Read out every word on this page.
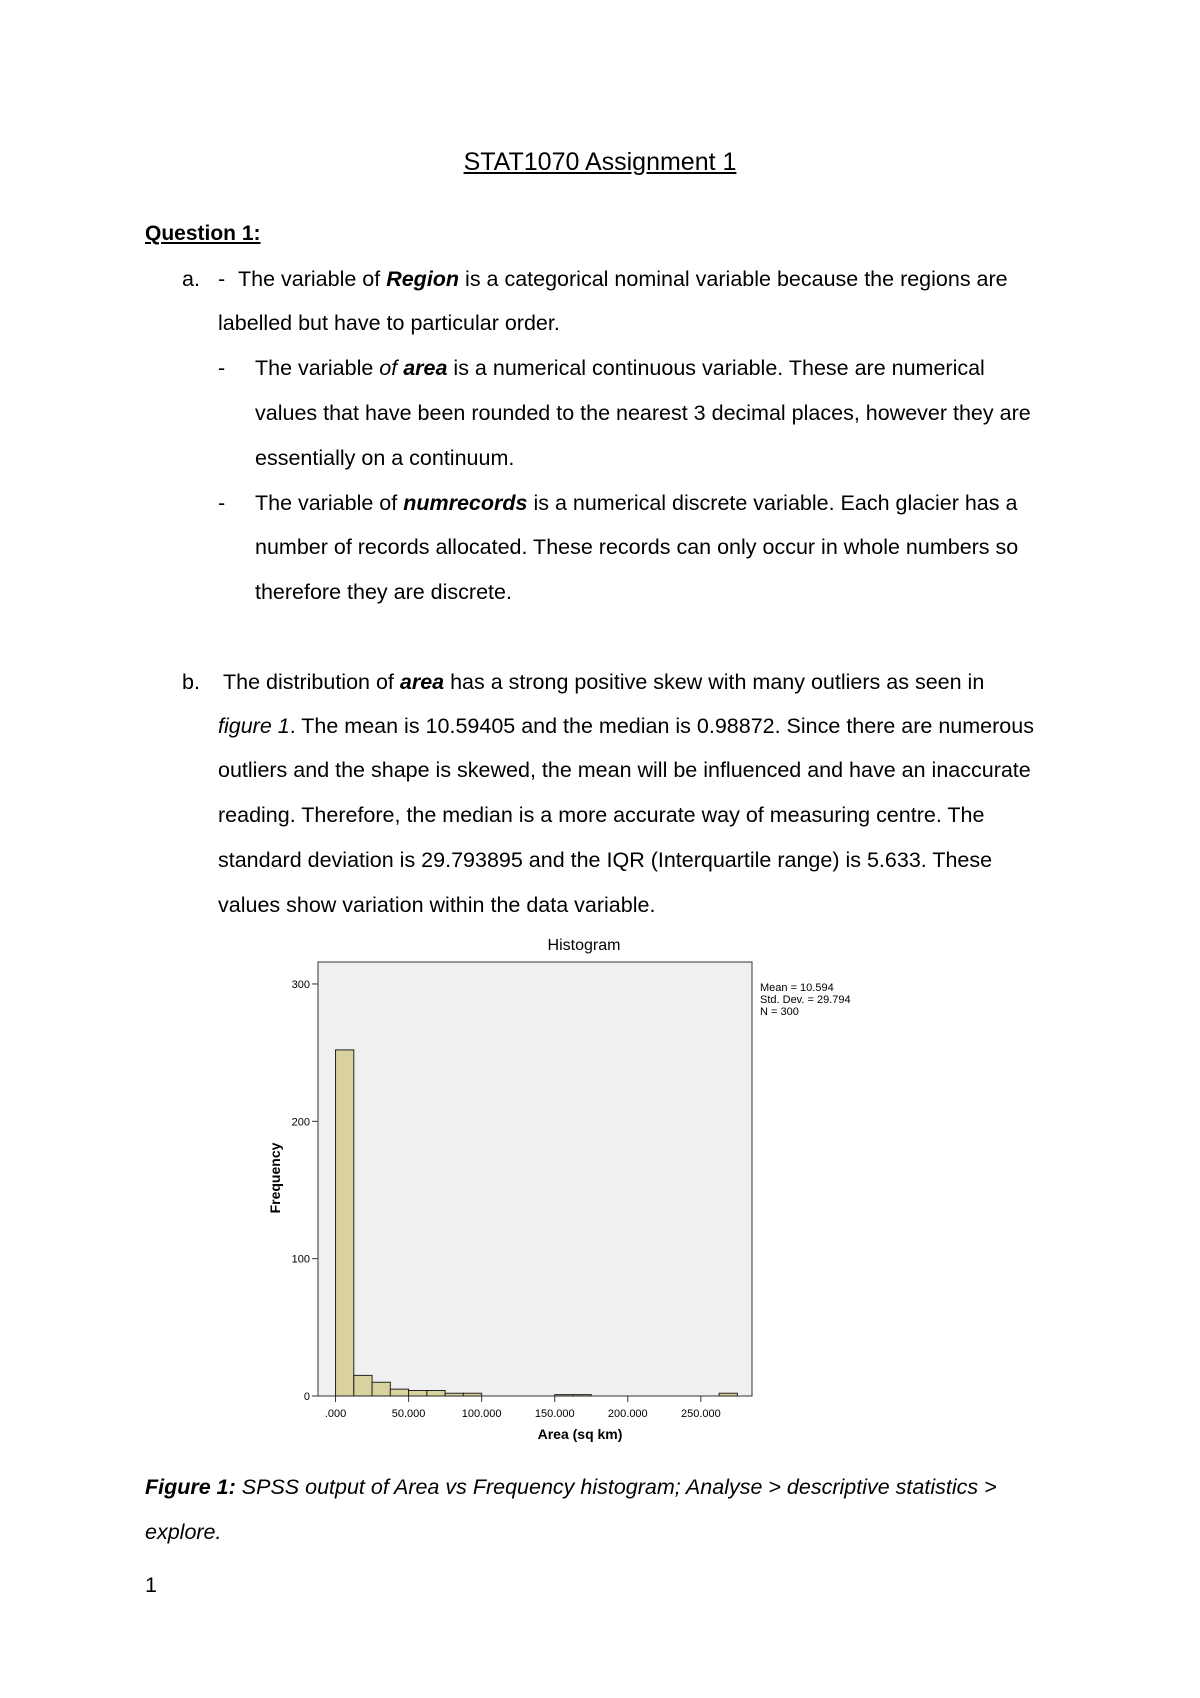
STAT1070 Assignment 1
Question 1:
a. - The variable of Region is a categorical nominal variable because the regions are
labelled but have to particular order.
- The variable of area is a numerical continuous variable. These are numerical
values that have been rounded to the nearest 3 decimal places, however they are
essentially on a continuum.
- The variable of numrecords is a numerical discrete variable. Each glacier has a
number of records allocated. These records can only occur in whole numbers so
therefore they are discrete.
b. The distribution of area has a strong positive skew with many outliers as seen in
figure 1. The mean is 10.59405 and the median is 0.98872. Since there are numerous
outliers and the shape is skewed, the mean will be influenced and have an inaccurate
reading. Therefore, the median is a more accurate way of measuring centre. The
standard deviation is 29.793895 and the IQR (Interquartile range) is 5.633. These
values show variation within the data variable.
Histogram
0
100
200
300
.000	50.000	100.000	150.000	200.000	250.000
Frequency
Area (sq km)
Mean = 10.594
Std. Dev. = 29.794
N = 300
Figure 1: SPSS output of Area vs Frequency histogram; Analyse > descriptive statistics >
explore.
1
